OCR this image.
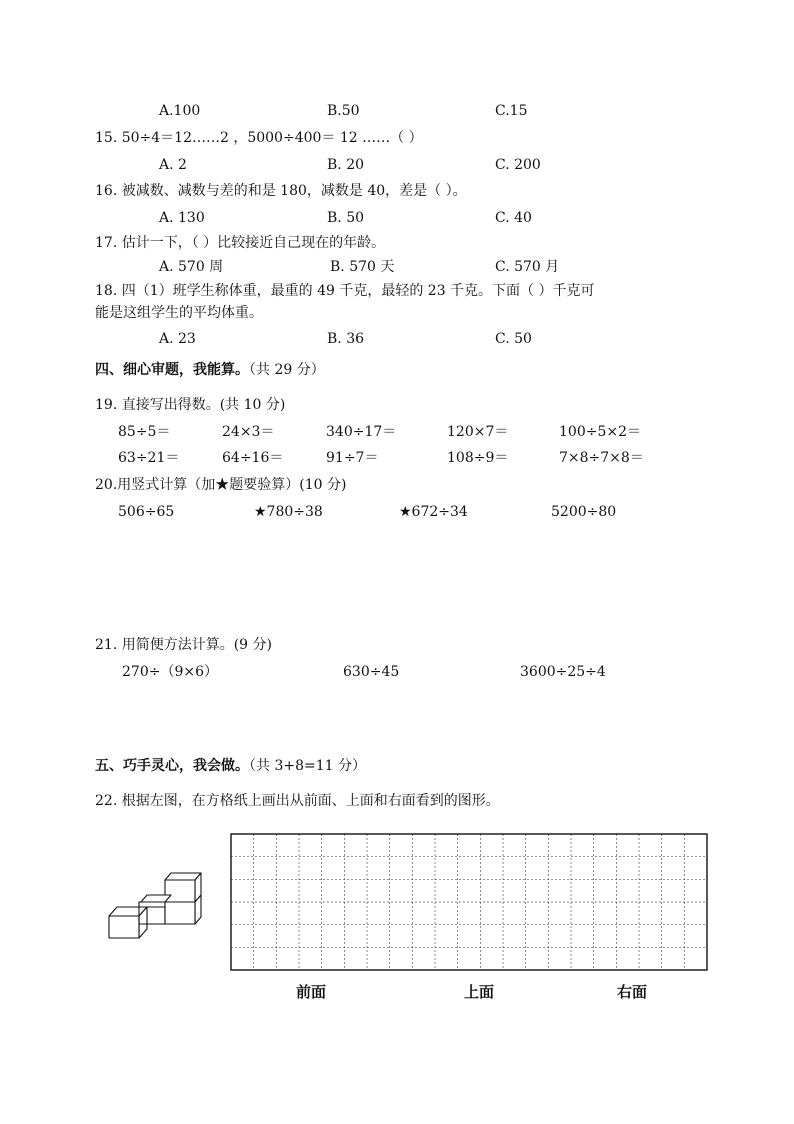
A.100	B.50	C.15
15. 50÷4＝12……2 ，5000÷400＝ 12 ……（ ）
A. 2	B. 20	C. 200
16. 被减数、减数与差的和是 180，减数是 40，差是（ ）。
A. 130	B. 50	C. 40
17. 估计一下，（ ）比较接近自己现在的年龄。
A. 570 周	B. 570 天	C. 570 月
18. 四（1）班学生称体重，最重的 49 千克，最轻的 23 千克。下面（ ）千克可
能是这组学生的平均体重。
A. 23	B. 36	C. 50
四、细心审题，我能算。（共 29 分）
19. 直接写出得数。(共 10 分)
85÷5＝	24×3＝	340÷17＝	120×7＝	100÷5×2＝
63÷21＝	64÷16＝	91÷7＝	108÷9＝	7×8÷7×8＝
20.用竖式计算（加★题要验算）(10 分)
506÷65	★780÷38	★672÷34	5200÷80
21. 用简便方法计算。(9 分)
270÷（9×6）	630÷45	3600÷25÷4
五、巧手灵心，我会做。（共 3+8=11 分）
22. 根据左图，在方格纸上画出从前面、上面和右面看到的图形。
前面	上面	右面
